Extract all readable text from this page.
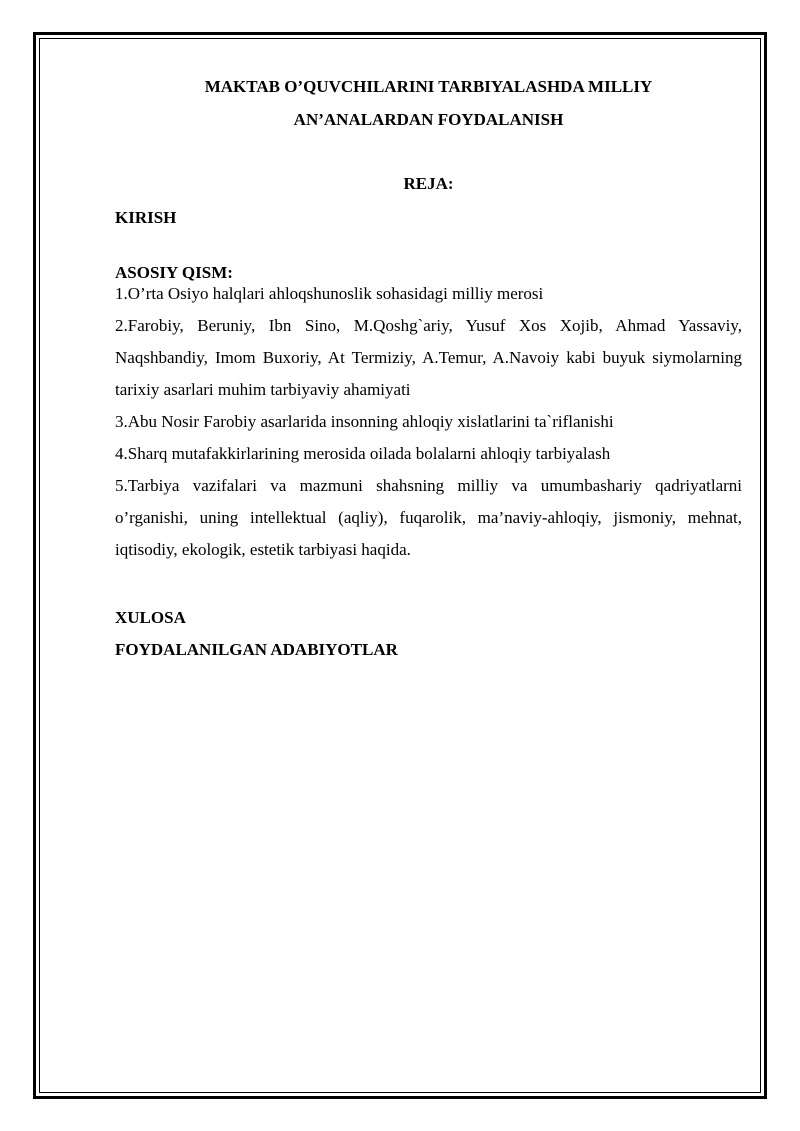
MAKTAB O’QUVCHILARINI TARBIYALASHDA MILLIY
AN’ANALARDAN FOYDALANISH
REJA:
KIRISH
ASOSIY QISM:
1.O’rta Osiyo halqlari ahloqshunoslik sohasidagi milliy merosi
2.Farobiy, Beruniy, Ibn Sino, M.Qoshg`ariy, Yusuf Xos Xojib, Ahmad Yassaviy, Naqshbandiy, Imom Buxoriy, At Termiziy, A.Temur, A.Navoiy kabi buyuk siymolarning tarixiy asarlari muhim tarbiyaviy ahamiyati
3.Abu Nosir Farobiy asarlarida insonning ahloqiy xislatlarini ta`riflanishi
4.Sharq mutafakkirlarining merosida oilada bolalarni ahloqiy tarbiyalash
5.Tarbiya vazifalari va mazmuni shahsning milliy va umumbashariy qadriyatlarni o’rganishi, uning intellektual (aqliy), fuqarolik, ma’naviy-ahloqiy, jismoniy, mehnat, iqtisodiy, ekologik, estetik tarbiyasi haqida.
XULOSA
FOYDALANILGAN ADABIYOTLAR
